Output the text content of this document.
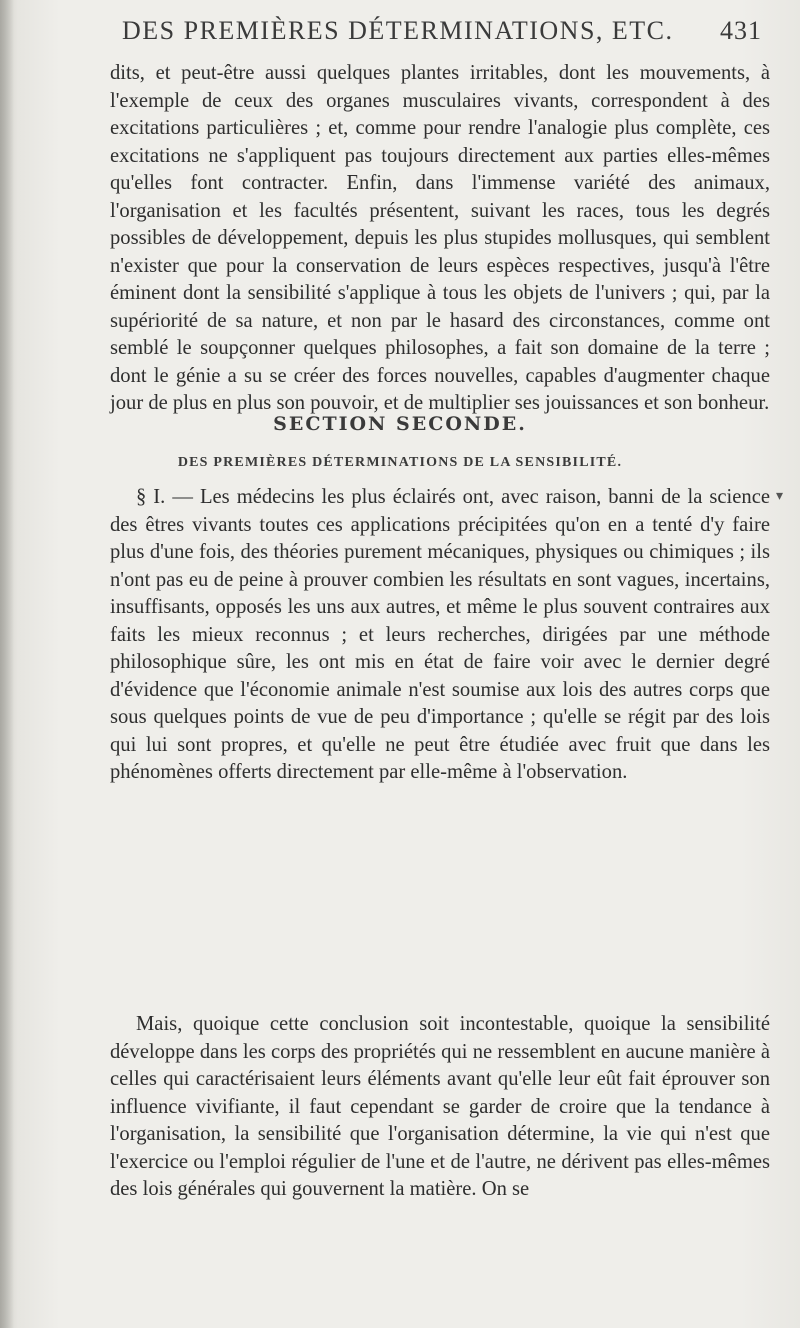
DES PREMIÈRES DÉTERMINATIONS, ETC. 431

dits, et peut-être aussi quelques plantes irritables, dont les mouvements, à l'exemple de ceux des organes musculaires vivants, correspondent à des excitations particulières ; et, comme pour rendre l'analogie plus complète, ces excitations ne s'appliquent pas toujours directement aux parties elles-mêmes qu'elles font contracter. Enfin, dans l'immense variété des animaux, l'organisation et les facultés présentent, suivant les races, tous les degrés possibles de développement, depuis les plus stupides mollusques, qui semblent n'exister que pour la conservation de leurs espèces respectives, jusqu'à l'être éminent dont la sensibilité s'applique à tous les objets de l'univers ; qui, par la supériorité de sa nature, et non par le hasard des circonstances, comme ont semblé le soupçonner quelques philosophes, a fait son domaine de la terre ; dont le génie a su se créer des forces nouvelles, capables d'augmenter chaque jour de plus en plus son pouvoir, et de multiplier ses jouissances et son bonheur.

SECTION SECONDE.
DES PREMIÈRES DÉTERMINATIONS DE LA SENSIBILITÉ.

§ I. — Les médecins les plus éclairés ont, avec raison, banni de la science des êtres vivants toutes ces applications précipitées qu'on en a tenté d'y faire plus d'une fois, des théories purement mécaniques, physiques ou chimiques ; ils n'ont pas eu de peine à prouver combien les résultats en sont vagues, incertains, insuffisants, opposés les uns aux autres, et même le plus souvent contraires aux faits les mieux reconnus ; et leurs recherches, dirigées par une méthode philosophique sûre, les ont mis en état de faire voir avec le dernier degré d'évidence que l'économie animale n'est soumise aux lois des autres corps que sous quelques points de vue de peu d'importance ; qu'elle se régit par des lois qui lui sont propres, et qu'elle ne peut être étudiée avec fruit que dans les phénomènes offerts directement par elle-même à l'observation.

Mais, quoique cette conclusion soit incontestable, quoique la sensibilité développe dans les corps des propriétés qui ne ressemblent en aucune manière à celles qui caractérisaient leurs éléments avant qu'elle leur eût fait éprouver son influence vivifiante, il faut cependant se garder de croire que la tendance à l'organisation, la sensibilité que l'organisation détermine, la vie qui n'est que l'exercice ou l'emploi régulier de l'une et de l'autre, ne dérivent pas elles-mêmes des lois générales qui gouvernent la matière. On se

▾
